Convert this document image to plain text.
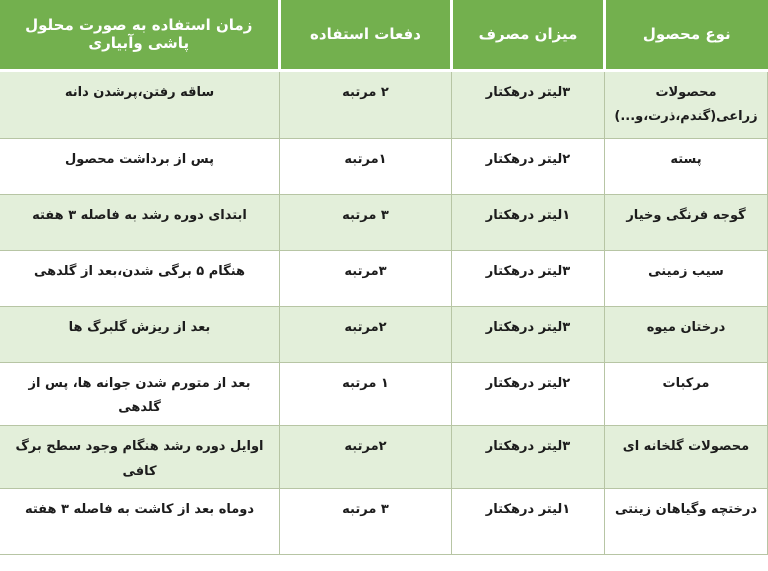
نوع محصول	میزان مصرف	دفعات استفاده	زمان استفاده به صورت محلول پاشی وآبیاری
محصولات زراعی(گندم،ذرت،و...)	۳لیتر درهکتار	۲ مرتبه	ساقه رفتن،پرشدن دانه
پسته	۲لیتر درهکتار	۱مرتبه	پس از برداشت محصول
گوجه فرنگی وخیار	۱لیتر درهکتار	۳ مرتبه	ابتدای دوره رشد به فاصله ۳ هفته
سیب زمینی	۳لیتر درهکتار	۳مرتبه	هنگام ۵ برگی شدن،بعد از گلدهی
درختان میوه	۳لیتر درهکتار	۲مرتبه	بعد از ریزش گلبرگ ها
مرکبات	۲لیتر درهکتار	۱ مرتبه	بعد از متورم شدن جوانه ها، پس از گلدهی
محصولات گلخانه ای	۳لیتر درهکتار	۲مرتبه	اوایل دوره رشد هنگام وجود سطح برگ کافی
درختچه وگیاهان زینتی	۱لیتر درهکتار	۳ مرتبه	دوماه بعد از کاشت به فاصله ۳ هفته
